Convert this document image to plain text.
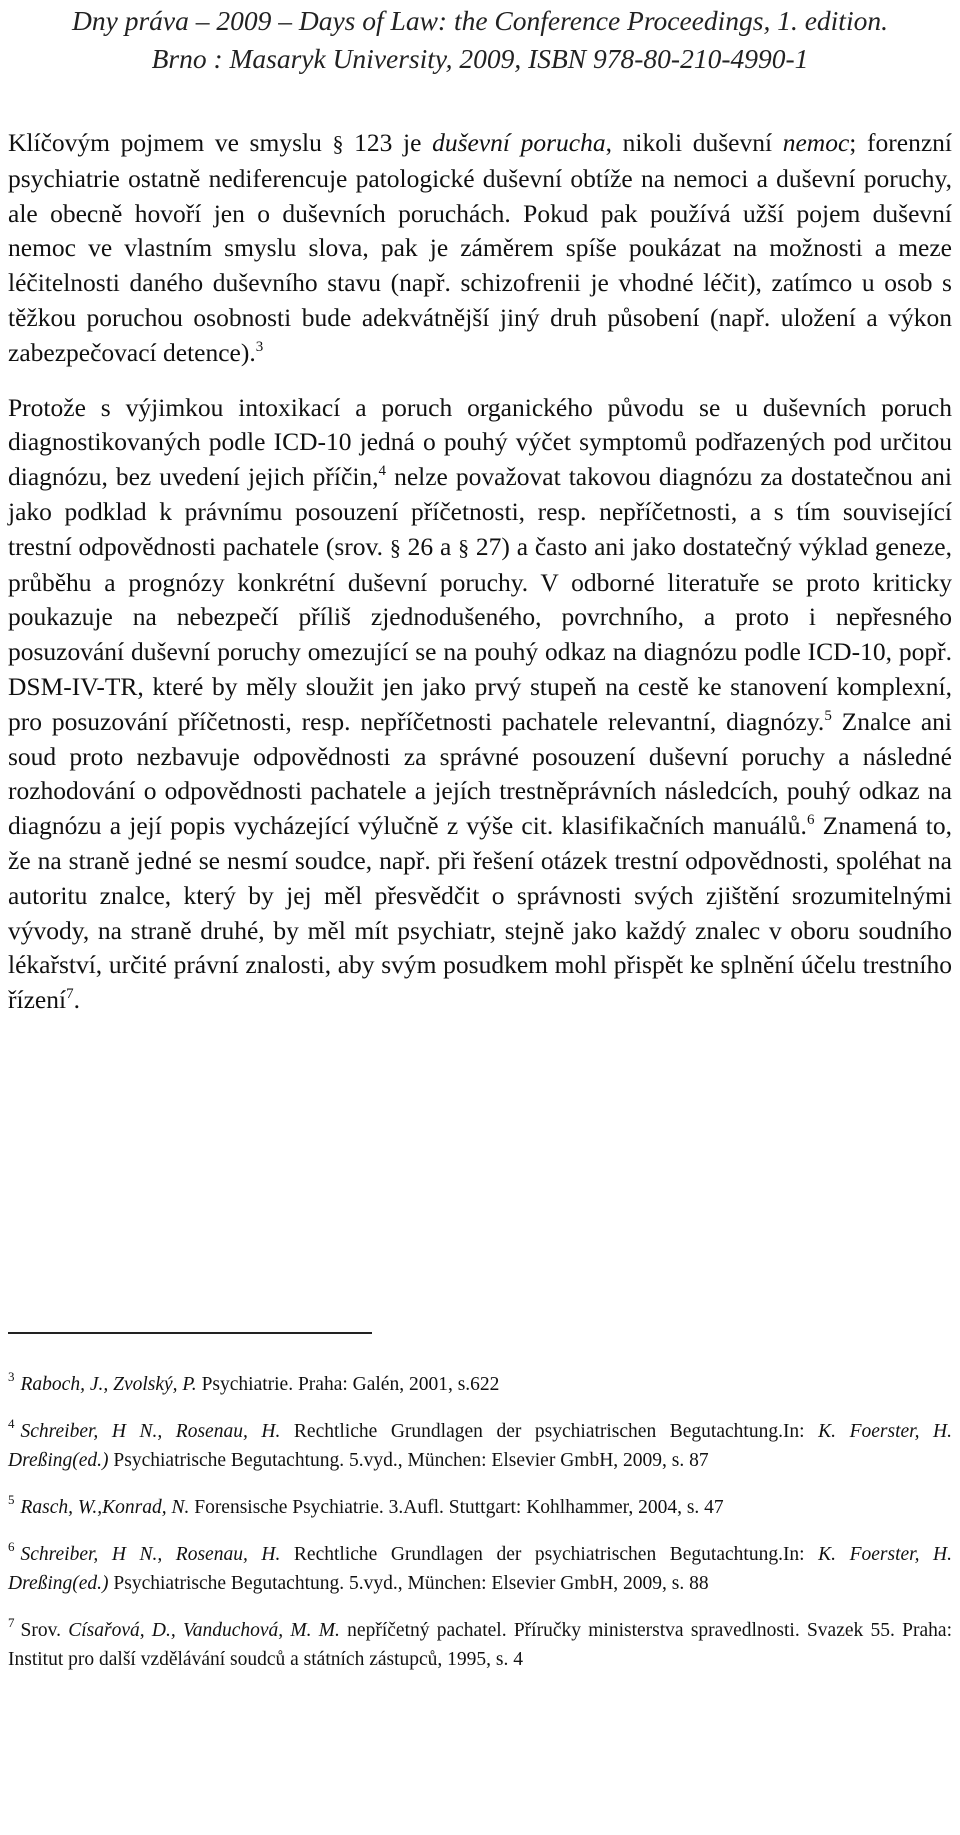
Dny práva – 2009 – Days of Law: the Conference Proceedings, 1. edition.
Brno : Masaryk University, 2009, ISBN 978-80-210-4990-1

Klíčovým pojmem ve smyslu § 123 je duševní porucha, nikoli duševní nemoc; forenzní psychiatrie ostatně nediferencuje patologické duševní obtíže na nemoci a duševní poruchy, ale obecně hovoří jen o duševních poruchách. Pokud pak používá užší pojem duševní nemoc ve vlastním smyslu slova, pak je záměrem spíše poukázat na možnosti a meze léčitelnosti daného duševního stavu (např. schizofrenii je vhodné léčit), zatímco u osob s těžkou poruchou osobnosti bude adekvátnější jiný druh působení (např. uložení a výkon zabezpečovací detence).$^3$

Protože s výjimkou intoxikací a poruch organického původu se u duševních poruch diagnostikovaných podle ICD-10 jedná o pouhý výčet symptomů podřazených pod určitou diagnózu, bez uvedení jejich příčin,$^4$ nelze považovat takovou diagnózu za dostatečnou ani jako podklad k právnímu posouzení příčetnosti, resp. nepříčetnosti, a s tím související trestní odpovědnosti pachatele (srov. § 26 a § 27) a často ani jako dostatečný výklad geneze, průběhu a prognózy konkrétní duševní poruchy. V odborné literatuře se proto kriticky poukazuje na nebezpečí příliš zjednodušeného, povrchního, a proto i nepřesného posuzování duševní poruchy omezující se na pouhý odkaz na diagnózu podle ICD-10, popř. DSM-IV-TR, které by měly sloužit jen jako prvý stupeň na cestě ke stanovení komplexní, pro posuzování příčetnosti, resp. nepříčetnosti pachatele relevantní, diagnózy.$^5$ Znalce ani soud proto nezbavuje odpovědnosti za správné posouzení duševní poruchy a následné rozhodování o odpovědnosti pachatele a jejích trestněprávních následcích, pouhý odkaz na diagnózu a její popis vycházející výlučně z výše cit. klasifikačních manuálů.$^6$ Znamená to, že na straně jedné se nesmí soudce, např. při řešení otázek trestní odpovědnosti, spoléhat na autoritu znalce, který by jej měl přesvědčit o správnosti svých zjištění srozumitelnými vývody, na straně druhé, by měl mít psychiatr, stejně jako každý znalec v oboru soudního lékařství, určité právní znalosti, aby svým posudkem mohl přispět ke splnění účelu trestního řízení$^7$.

$^3$ Raboch, J., Zvolský, P. Psychiatrie. Praha: Galén, 2001, s.622
$^4$ Schreiber, H N., Rosenau, H. Rechtliche Grundlagen der psychiatrischen Begutachtung.In: K. Foerster, H. Dreßing(ed.) Psychiatrische Begutachtung. 5.vyd., München: Elsevier GmbH, 2009, s. 87
$^5$ Rasch, W.,Konrad, N. Forensische Psychiatrie. 3.Aufl. Stuttgart: Kohlhammer, 2004, s. 47
$^6$ Schreiber, H N., Rosenau, H. Rechtliche Grundlagen der psychiatrischen Begutachtung.In: K. Foerster, H. Dreßing(ed.) Psychiatrische Begutachtung. 5.vyd., München: Elsevier GmbH, 2009, s. 88
$^7$ Srov. Císařová, D., Vanduchová, M. M. nepříčetný pachatel. Příručky ministerstva spravedlnosti. Svazek 55. Praha: Institut pro další vzdělávání soudců a státních zástupců, 1995, s. 4
